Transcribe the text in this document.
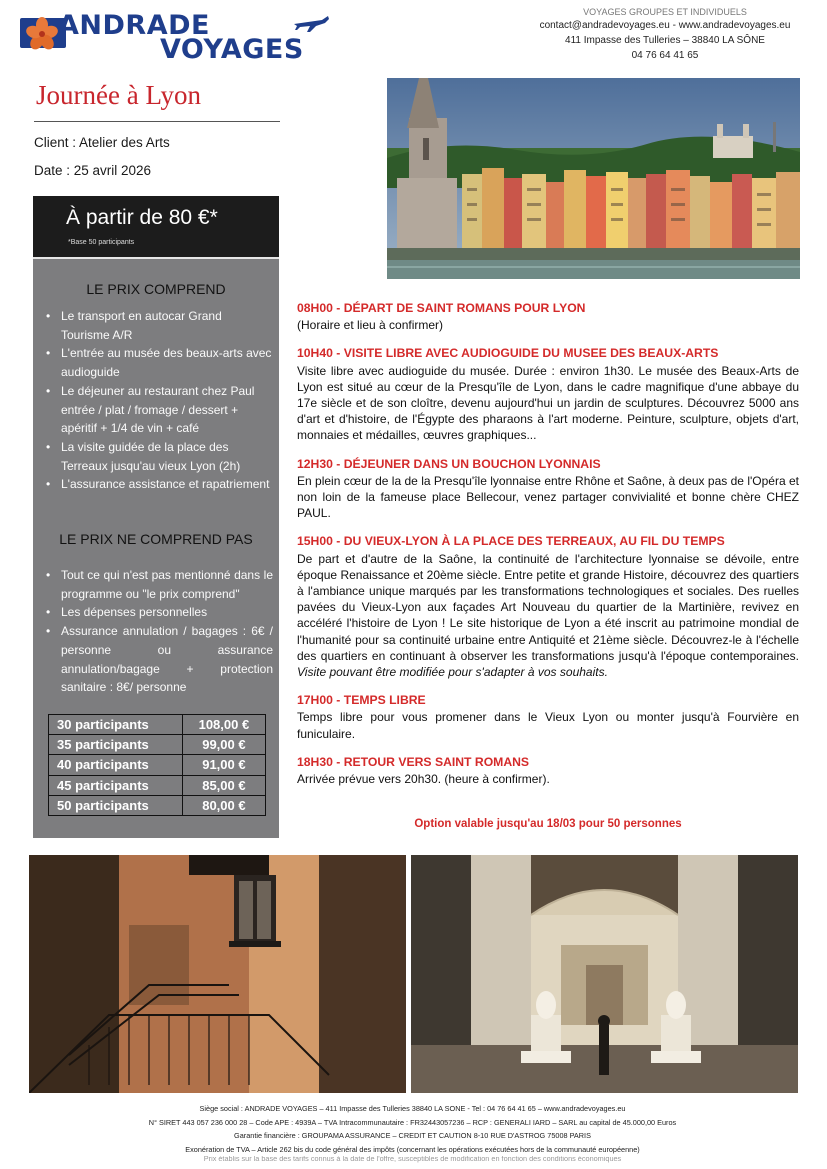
ANDRADE
VOYAGES
VOYAGES GROUPES ET INDIVIDUELS
contact@andradevoyages.eu - www.andradevoyages.eu
411 Impasse des Tulleries – 38840 LA SÔNE
04 76 64 41 65
Journée à Lyon
Client : Atelier des Arts
Date : 25 avril 2026
À partir de 80 €*
*Base 50 participants
LE PRIX COMPREND
• Le transport en autocar Grand Tourisme A/R
• L'entrée au musée des beaux-arts avec audioguide
• Le déjeuner au restaurant chez Paul entrée / plat / fromage / dessert + apéritif + 1/4 de vin + café
• La visite guidée de la place des Terreaux jusqu'au vieux Lyon (2h)
• L'assurance assistance et rapatriement
LE PRIX NE COMPREND PAS
• Tout ce qui n'est pas mentionné dans le programme ou "le prix comprend"
• Les dépenses personnelles
• Assurance annulation / bagages : 6€ / personne ou assurance annulation/bagage + protection sanitaire : 8€/ personne
30 participants	108,00 €
35 participants	99,00 €
40 participants	91,00 €
45 participants	85,00 €
50 participants	80,00 €
08H00 - DÉPART DE SAINT ROMANS POUR LYON
(Horaire et lieu à confirmer)
10H40 - VISITE LIBRE AVEC AUDIOGUIDE DU MUSEE DES BEAUX-ARTS
Visite libre avec audioguide du musée. Durée : environ 1h30. Le musée des Beaux-Arts de Lyon est situé au cœur de la Presqu'île de Lyon, dans le cadre magnifique d'une abbaye du 17e siècle et de son cloître, devenu aujourd'hui un jardin de sculptures. Découvrez 5000 ans d'art et d'histoire, de l'Égypte des pharaons à l'art moderne. Peinture, sculpture, objets d'art, monnaies et médailles, œuvres graphiques...
12H30 - DÉJEUNER DANS UN BOUCHON LYONNAIS
En plein cœur de la de la Presqu'île lyonnaise entre Rhône et Saône, à deux pas de l'Opéra et non loin de la fameuse place Bellecour, venez partager convivialité et bonne chère CHEZ PAUL.
15H00 - DU VIEUX-LYON À LA PLACE DES TERREAUX, AU FIL DU TEMPS
De part et d'autre de la Saône, la continuité de l'architecture lyonnaise se dévoile, entre époque Renaissance et 20ème siècle. Entre petite et grande Histoire, découvrez des quartiers à l'ambiance unique marqués par les transformations technologiques et sociales. Des ruelles pavées du Vieux-Lyon aux façades Art Nouveau du quartier de la Martinière, revivez en accéléré l'histoire de Lyon ! Le site historique de Lyon a été inscrit au patrimoine mondial de l'humanité pour sa continuité urbaine entre Antiquité et 21ème siècle. Découvrez-le à l'échelle des quartiers en continuant à observer les transformations jusqu'à l'époque contemporaines. Visite pouvant être modifiée pour s'adapter à vos souhaits.
17H00 - TEMPS LIBRE
Temps libre pour vous promener dans le Vieux Lyon ou monter jusqu'à Fourvière en funiculaire.
18H30 - RETOUR VERS SAINT ROMANS
Arrivée prévue vers 20h30. (heure à confirmer).
Option valable jusqu'au 18/03 pour 50 personnes
Siège social : ANDRADE VOYAGES – 411 Impasse des Tulleries 38840 LA SONE - Tel : 04 76 64 41 65 – www.andradevoyages.eu
N° SIRET 443 057 236 000 28 – Code APE : 4939A – TVA Intracommunautaire : FR32443057236 – RCP : GENERALI IARD – SARL au capital de 45.000,00 Euros
Garantie financière : GROUPAMA ASSURANCE – CREDIT ET CAUTION 8-10 RUE D'ASTROG 75008 PARIS
Exonération de TVA – Article 262 bis du code général des impôts (concernant les opérations exécutées hors de la communauté européenne)
Prix établis sur la base des tarifs connus à la date de l'offre, susceptibles de modification en fonction des conditions économiques
